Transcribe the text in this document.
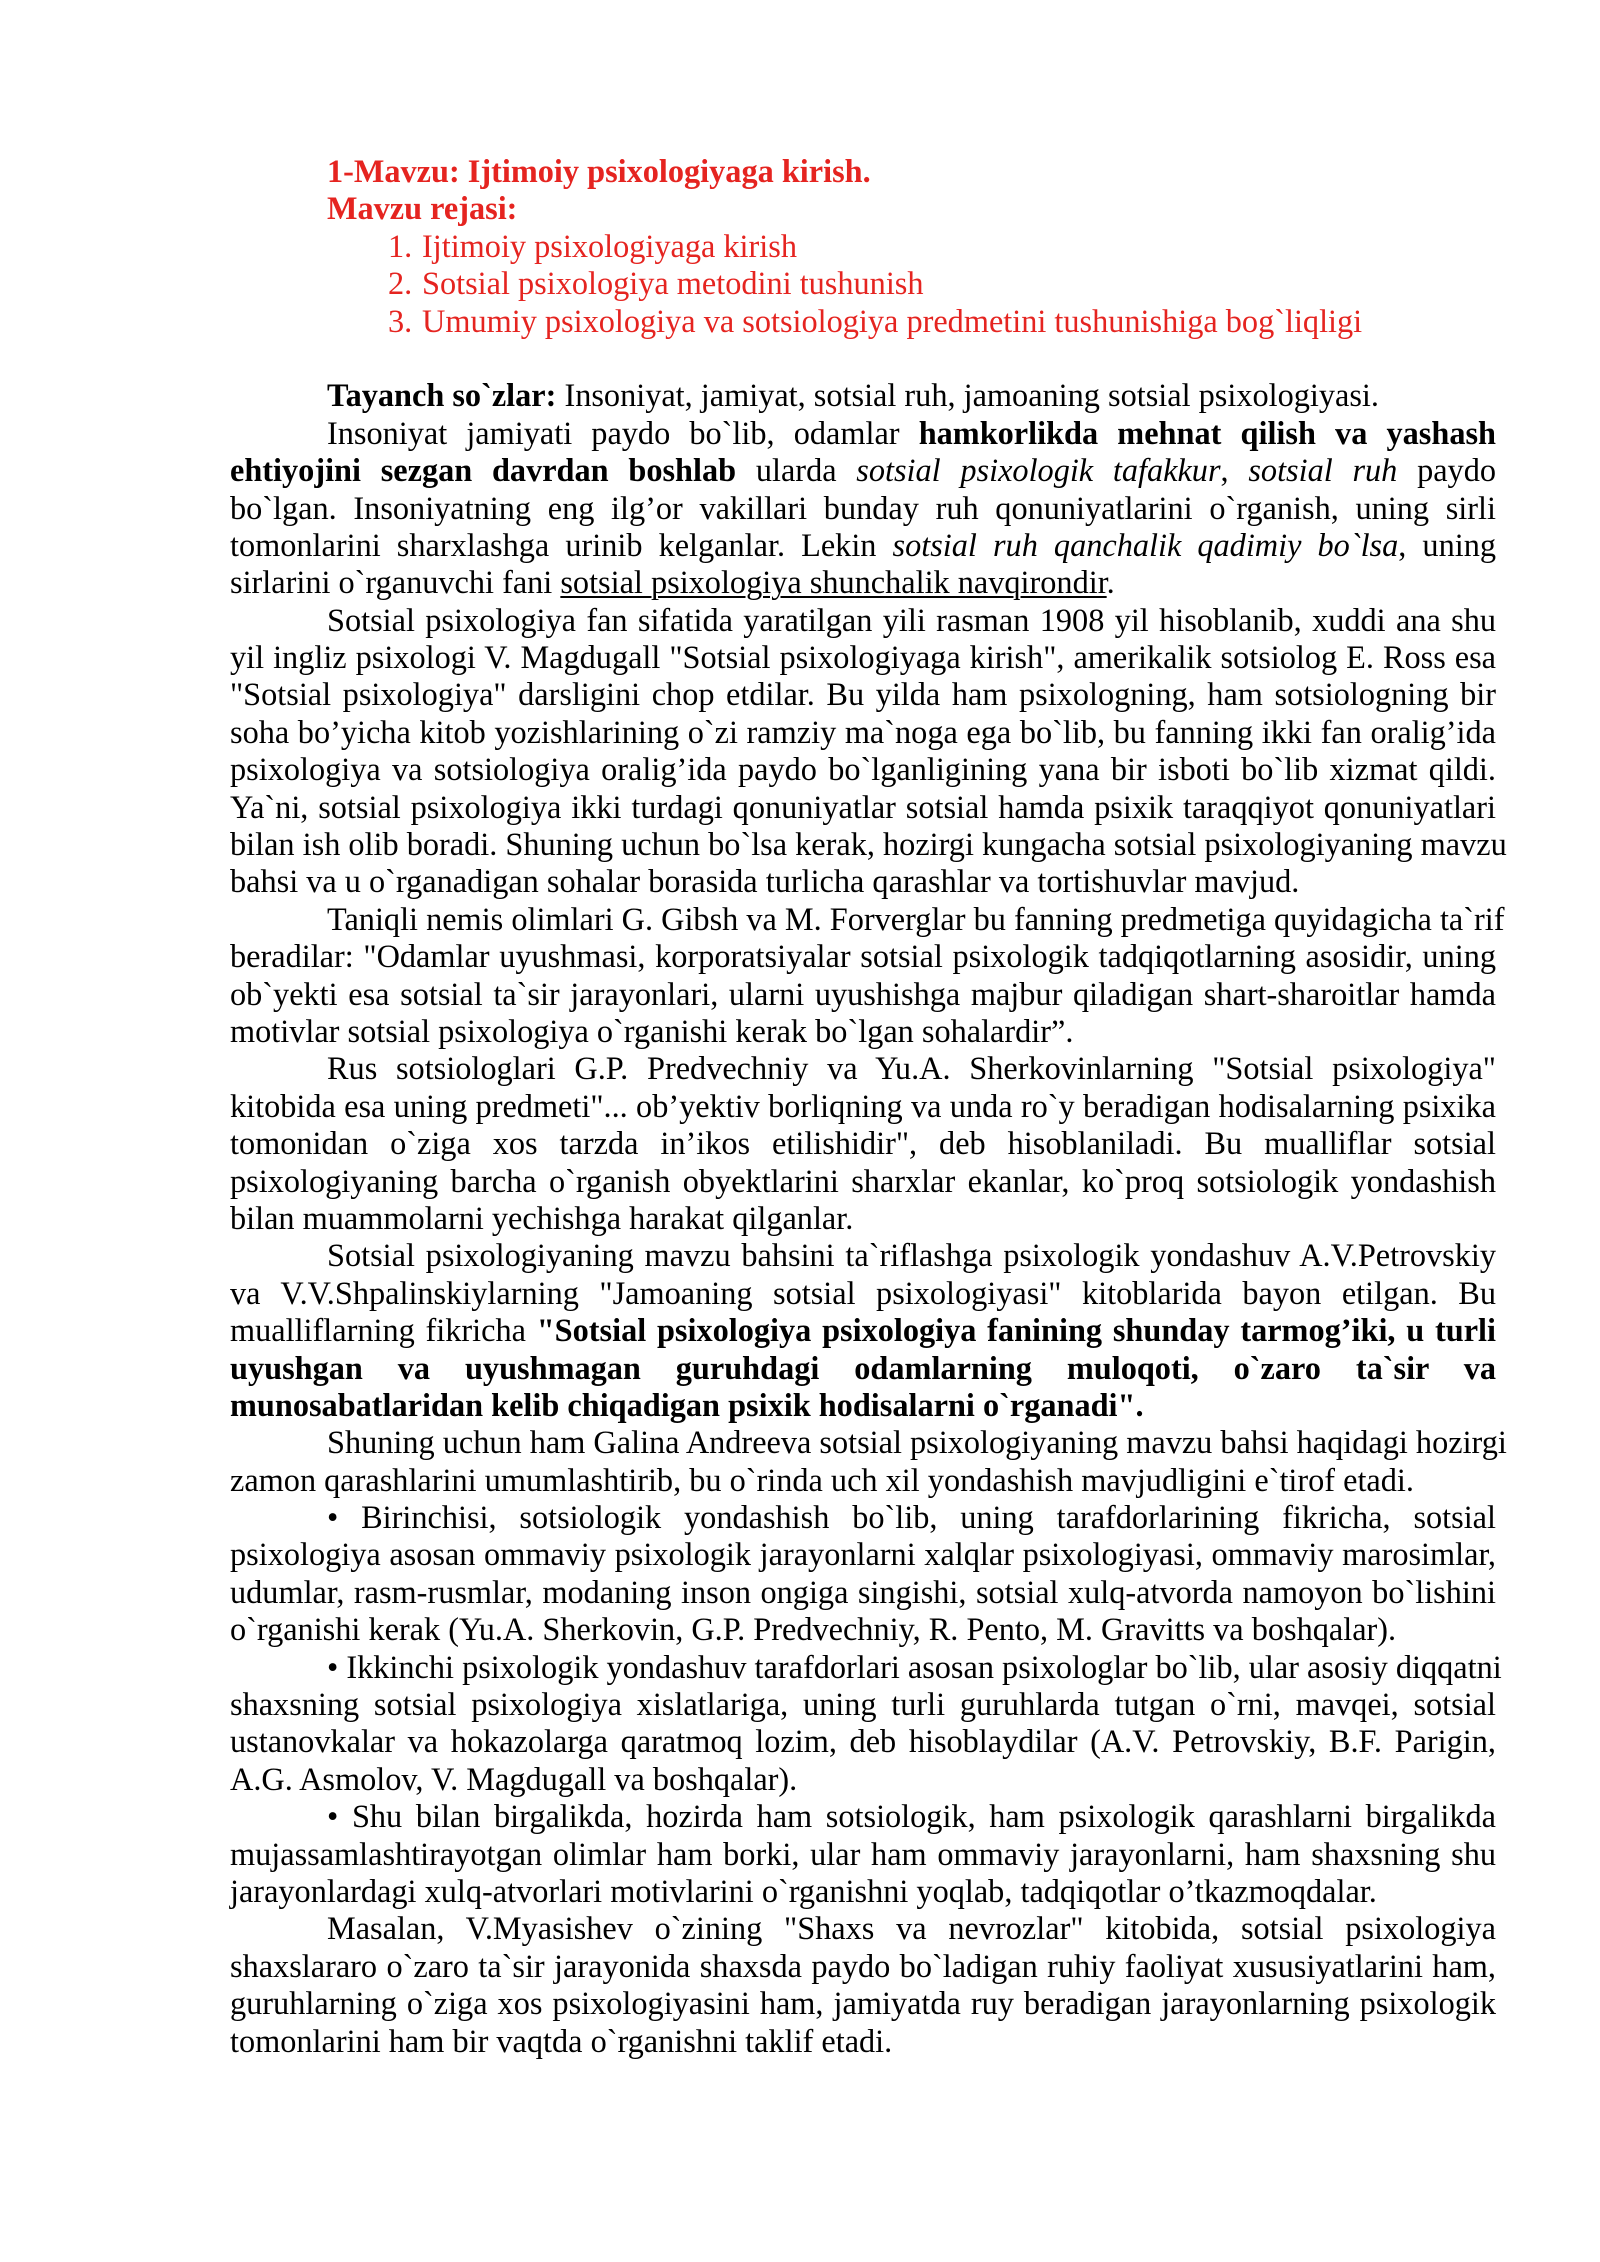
1-Mavzu: Ijtimoiy psixologiyaga kirish.
Mavzu rejasi:
1. Ijtimoiy psixologiyaga kirish
2. Sotsial psixologiya metodini tushunish
3. Umumiy psixologiya va sotsiologiya predmetini tushunishiga bog`liqligi
Tayanch so`zlar: Insoniyat, jamiyat, sotsial ruh, jamoaning sotsial psixologiyasi.
Insoniyat jamiyati paydo bo`lib, odamlar hamkorlikda mehnat qilish va yashash
ehtiyojini sezgan davrdan boshlab ularda sotsial psixologik tafakkur, sotsial ruh paydo
bo`lgan. Insoniyatning eng ilg’or vakillari bunday ruh qonuniyatlarini o`rganish, uning sirli
tomonlarini sharxlashga urinib kelganlar. Lekin sotsial ruh qanchalik qadimiy bo`lsa, uning
sirlarini o`rganuvchi fani sotsial psixologiya shunchalik navqirondir.
Sotsial psixologiya fan sifatida yaratilgan yili rasman 1908 yil hisoblanib, xuddi ana shu
yil ingliz psixologi V. Magdugall "Sotsial psixologiyaga kirish", amerikalik sotsiolog E. Ross esa
"Sotsial psixologiya" darsligini chop etdilar. Bu yilda ham psixologning, ham sotsiologning bir
soha bo’yicha kitob yozishlarining o`zi ramziy ma`noga ega bo`lib, bu fanning ikki fan oralig’ida
psixologiya va sotsiologiya oralig’ida paydo bo`lganligining yana bir isboti bo`lib xizmat qildi.
Ya`ni, sotsial psixologiya ikki turdagi qonuniyatlar sotsial hamda psixik taraqqiyot qonuniyatlari
bilan ish olib boradi. Shuning uchun bo`lsa kerak, hozirgi kungacha sotsial psixologiyaning mavzu
bahsi va u o`rganadigan sohalar borasida turlicha qarashlar va tortishuvlar mavjud.
Taniqli nemis olimlari G. Gibsh va M. Forverglar bu fanning predmetiga quyidagicha ta`rif
beradilar: "Odamlar uyushmasi, korporatsiyalar sotsial psixologik tadqiqotlarning asosidir, uning
ob`yekti esa sotsial ta`sir jarayonlari, ularni uyushishga majbur qiladigan shart-sharoitlar hamda
motivlar sotsial psixologiya o`rganishi kerak bo`lgan sohalardir”.
Rus sotsiologlari G.P. Predvechniy va Yu.A. Sherkovinlarning "Sotsial psixologiya"
kitobida esa uning predmeti"... ob’yektiv borliqning va unda ro`y beradigan hodisalarning psixika
tomonidan o`ziga xos tarzda in’ikos etilishidir", deb hisoblaniladi. Bu mualliflar sotsial
psixologiyaning barcha o`rganish obyektlarini sharxlar ekanlar, ko`proq sotsiologik yondashish
bilan muammolarni yechishga harakat qilganlar.
Sotsial psixologiyaning mavzu bahsini ta`riflashga psixologik yondashuv A.V.Petrovskiy
va V.V.Shpalinskiylarning "Jamoaning sotsial psixologiyasi" kitoblarida bayon etilgan. Bu
mualliflarning fikricha "Sotsial psixologiya psixologiya fanining shunday tarmog’iki, u turli
uyushgan va uyushmagan guruhdagi odamlarning muloqoti, o`zaro ta`sir va
munosabatlaridan kelib chiqadigan psixik hodisalarni o`rganadi".
Shuning uchun ham Galina Andreeva sotsial psixologiyaning mavzu bahsi haqidagi hozirgi
zamon qarashlarini umumlashtirib, bu o`rinda uch xil yondashish mavjudligini e`tirof etadi.
• Birinchisi, sotsiologik yondashish bo`lib, uning tarafdorlarining fikricha, sotsial
psixologiya asosan ommaviy psixologik jarayonlarni xalqlar psixologiyasi, ommaviy marosimlar,
udumlar, rasm-rusmlar, modaning inson ongiga singishi, sotsial xulq-atvorda namoyon bo`lishini
o`rganishi kerak (Yu.A. Sherkovin, G.P. Predvechniy, R. Pento, M. Gravitts va boshqalar).
• Ikkinchi psixologik yondashuv tarafdorlari asosan psixologlar bo`lib, ular asosiy diqqatni
shaxsning sotsial psixologiya xislatlariga, uning turli guruhlarda tutgan o`rni, mavqei, sotsial
ustanovkalar va hokazolarga qaratmoq lozim, deb hisoblaydilar (A.V. Petrovskiy, B.F. Parigin,
A.G. Asmolov, V. Magdugall va boshqalar).
• Shu bilan birgalikda, hozirda ham sotsiologik, ham psixologik qarashlarni birgalikda
mujassamlashtirayotgan olimlar ham borki, ular ham ommaviy jarayonlarni, ham shaxsning shu
jarayonlardagi xulq-atvorlari motivlarini o`rganishni yoqlab, tadqiqotlar o’tkazmoqdalar.
Masalan, V.Myasishev o`zining "Shaxs va nevrozlar" kitobida, sotsial psixologiya
shaxslararo o`zaro ta`sir jarayonida shaxsda paydo bo`ladigan ruhiy faoliyat xususiyatlarini ham,
guruhlarning o`ziga xos psixologiyasini ham, jamiyatda ruy beradigan jarayonlarning psixologik
tomonlarini ham bir vaqtda o`rganishni taklif etadi.
